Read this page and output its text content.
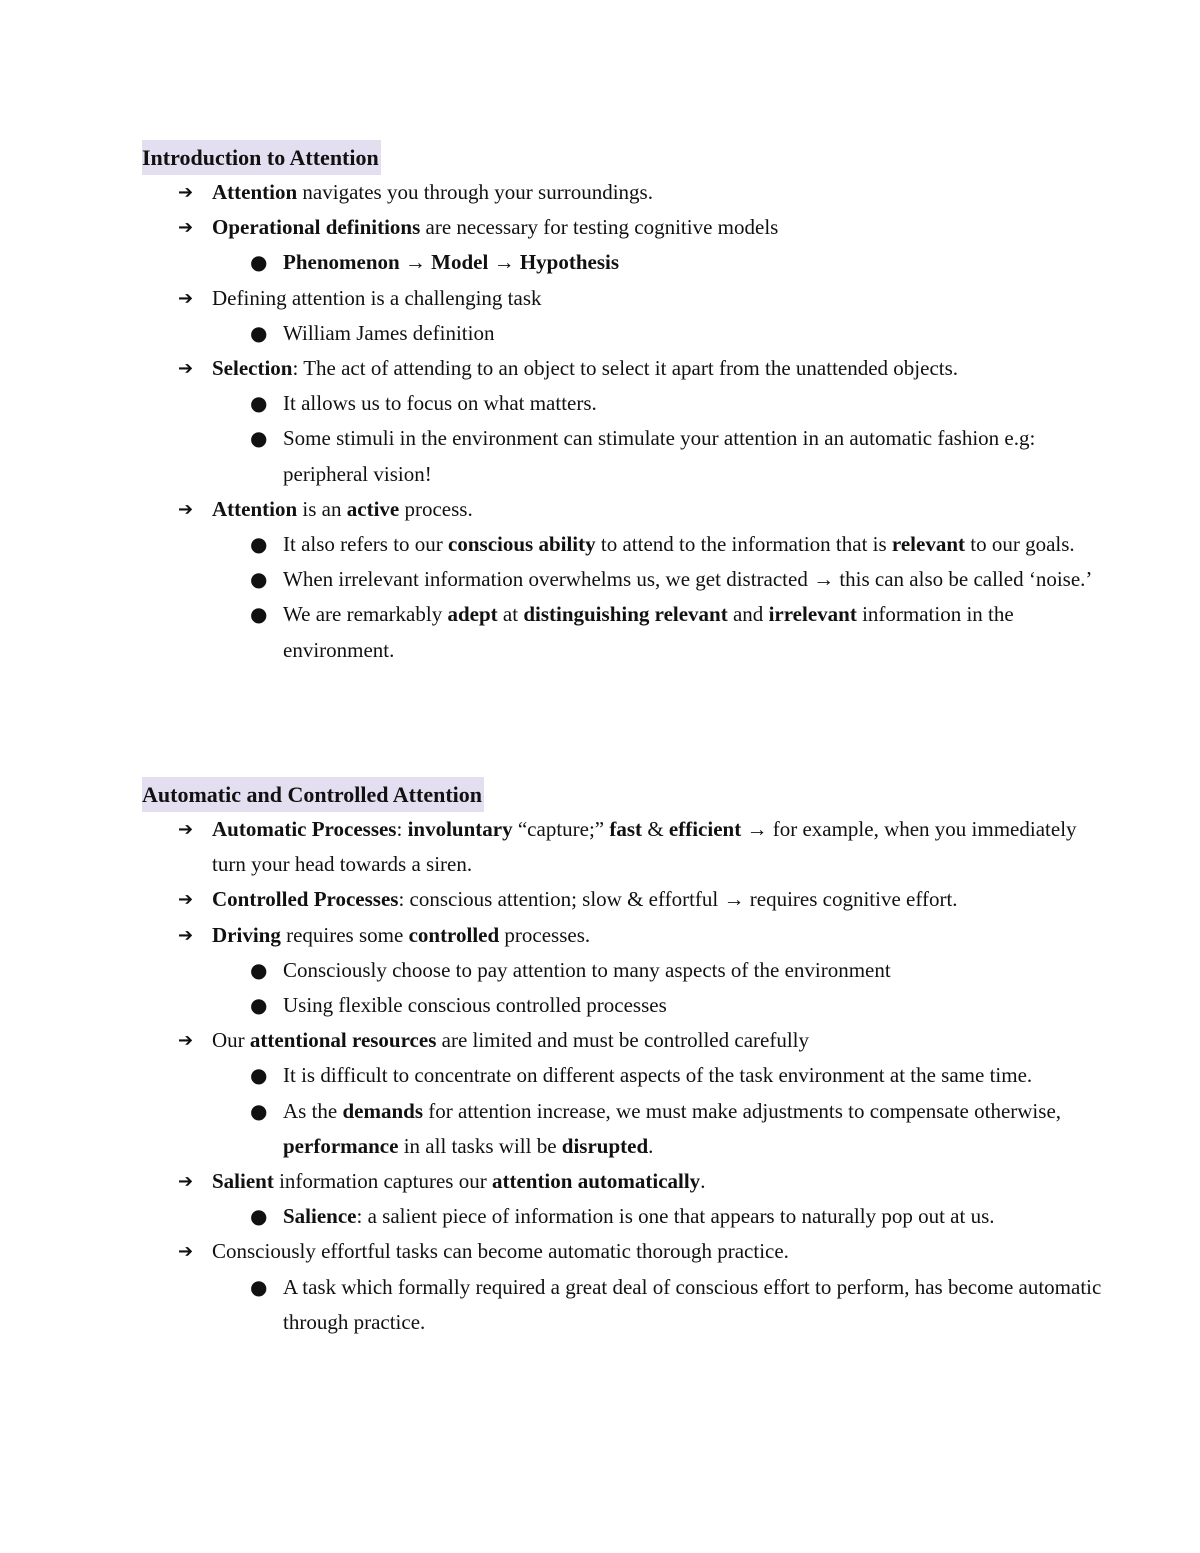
Introduction to Attention
➔ Attention navigates you through your surroundings.
➔ Operational definitions are necessary for testing cognitive models
● Phenomenon → Model → Hypothesis
➔ Defining attention is a challenging task
● William James definition
➔ Selection: The act of attending to an object to select it apart from the unattended objects.
● It allows us to focus on what matters.
● Some stimuli in the environment can stimulate your attention in an automatic fashion e.g: peripheral vision!
➔ Attention is an active process.
● It also refers to our conscious ability to attend to the information that is relevant to our goals.
● When irrelevant information overwhelms us, we get distracted → this can also be called ‘noise.’
● We are remarkably adept at distinguishing relevant and irrelevant information in the environment.
Automatic and Controlled Attention
➔ Automatic Processes: involuntary “capture;” fast & efficient → for example, when you immediately turn your head towards a siren.
➔ Controlled Processes: conscious attention; slow & effortful → requires cognitive effort.
➔ Driving requires some controlled processes.
● Consciously choose to pay attention to many aspects of the environment
● Using flexible conscious controlled processes
➔ Our attentional resources are limited and must be controlled carefully
● It is difficult to concentrate on different aspects of the task environment at the same time.
● As the demands for attention increase, we must make adjustments to compensate otherwise, performance in all tasks will be disrupted.
➔ Salient information captures our attention automatically.
● Salience: a salient piece of information is one that appears to naturally pop out at us.
➔ Consciously effortful tasks can become automatic thorough practice.
● A task which formally required a great deal of conscious effort to perform, has become automatic through practice.
